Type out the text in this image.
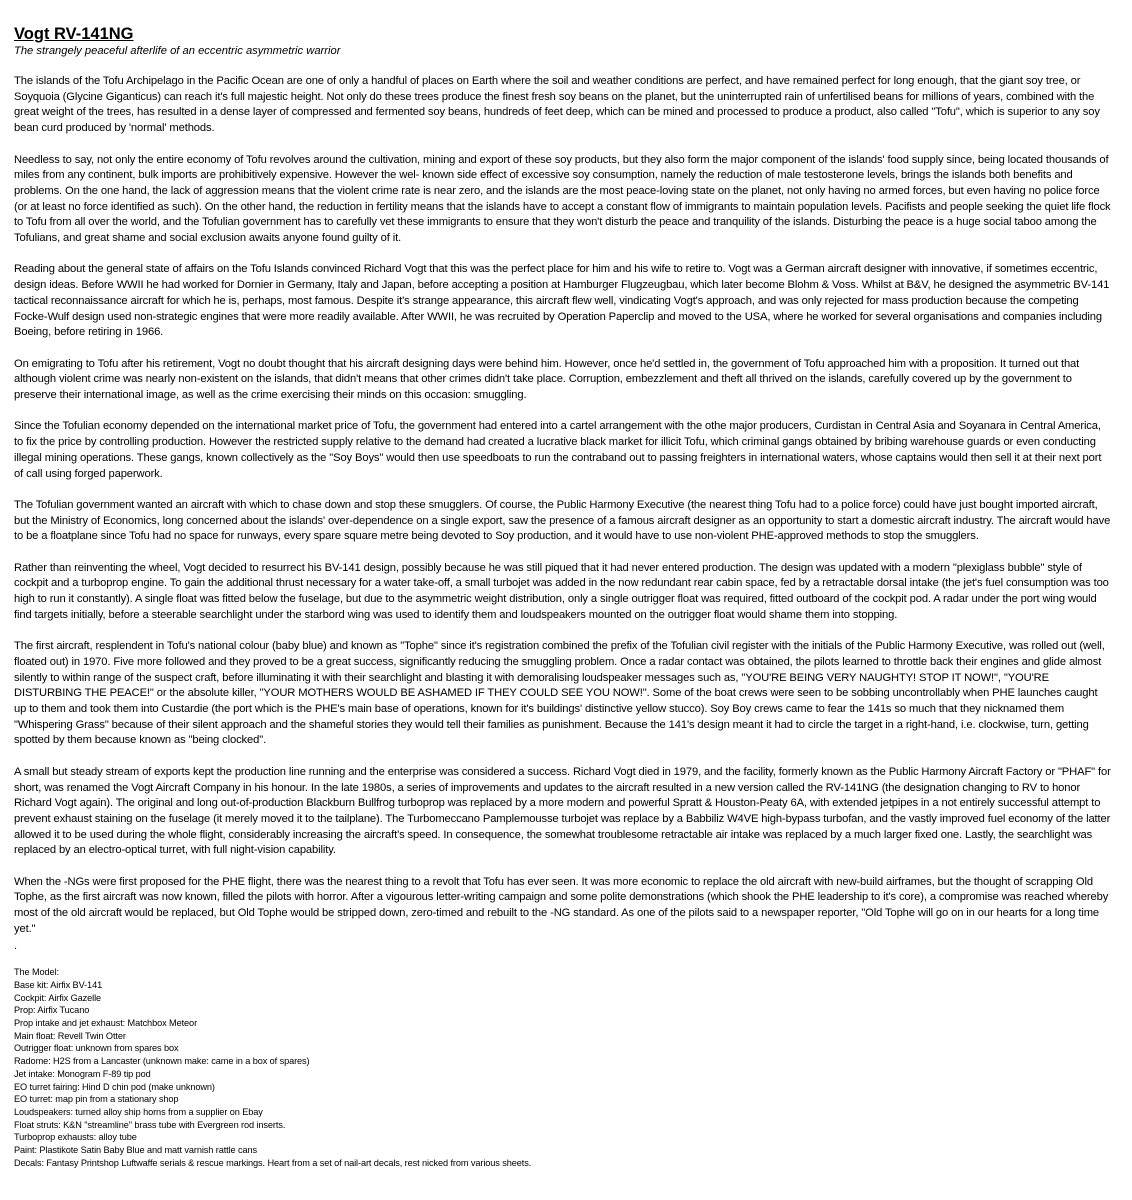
Vogt RV-141NG

The strangely peaceful afterlife of an eccentric asymmetric warrior

The islands of the Tofu Archipelago in the Pacific Ocean are one of only a handful of places on Earth where the soil and weather conditions are perfect, and have remained perfect for long enough, that the giant soy tree, or Soyquoia (Glycine Giganticus) can reach it's full majestic height. Not only do these trees produce the finest fresh soy beans on the planet, but the uninterrupted rain of unfertilised beans for millions of years, combined with the great weight of the trees, has resulted in a dense layer of compressed and fermented soy beans, hundreds of feet deep, which can be mined and processed to produce a product, also called "Tofu", which is superior to any soy bean curd produced by 'normal' methods.

Needless to say, not only the entire economy of Tofu revolves around the cultivation, mining and export of these soy products, but they also form the major component of the islands' food supply since, being located thousands of miles from any continent, bulk imports are prohibitively expensive. However the wel- known side effect of excessive soy consumption, namely the reduction of male testosterone levels, brings the islands both benefits and problems. On the one hand, the lack of aggression means that the violent crime rate is near zero, and the islands are the most peace-loving state on the planet, not only having no armed forces, but even having no police force (or at least no force identified as such). On the other hand, the reduction in fertility means that the islands have to accept a constant flow of immigrants to maintain population levels. Pacifists and people seeking the quiet life flock to Tofu from all over the world, and the Tofulian government has to carefully vet these immigrants to ensure that they won't disturb the peace and tranquility of the islands. Disturbing the peace is a huge social taboo among the Tofulians, and great shame and social exclusion awaits anyone found guilty of it.

Reading about the general state of affairs on the Tofu Islands convinced Richard Vogt that this was the perfect place for him and his wife to retire to. Vogt was a German aircraft designer with innovative, if sometimes eccentric, design ideas. Before WWII he had worked for Dornier in Germany, Italy and Japan, before accepting a position at Hamburger Flugzeugbau, which later become Blohm & Voss. Whilst at B&V, he designed the asymmetric BV-141 tactical reconnaissance aircraft for which he is, perhaps, most famous. Despite it's strange appearance, this aircraft flew well, vindicating Vogt's approach, and was only rejected for mass production because the competing Focke-Wulf design used non-strategic engines that were more readily available. After WWII, he was recruited by Operation Paperclip and moved to the USA, where he worked for several organisations and companies including Boeing, before retiring in 1966.

On emigrating to Tofu after his retirement, Vogt no doubt thought that his aircraft designing days were behind him. However, once he'd settled in, the government of Tofu approached him with a proposition. It turned out that although violent crime was nearly non-existent on the islands, that didn't means that other crimes didn't take place. Corruption, embezzlement and theft all thrived on the islands, carefully covered up by the government to preserve their international image, as well as the crime exercising their minds on this occasion: smuggling.

Since the Tofulian economy depended on the international market price of Tofu, the government had entered into a cartel arrangement with the othe major producers, Curdistan in Central Asia and Soyanara in Central America, to fix the price by controlling production. However the restricted supply relative to the demand had created a lucrative black market for illicit Tofu, which criminal gangs obtained by bribing warehouse guards or even conducting illegal mining operations. These gangs, known collectively as the "Soy Boys" would then use speedboats to run the contraband out to passing freighters in international waters, whose captains would then sell it at their next port of call using forged paperwork.

The Tofulian government wanted an aircraft with which to chase down and stop these smugglers. Of course, the Public Harmony Executive (the nearest thing Tofu had to a police force) could have just bought imported aircraft, but the Ministry of Economics, long concerned about the islands' over-dependence on a single export, saw the presence of a famous aircraft designer as an opportunity to start a domestic aircraft industry. The aircraft would have to be a floatplane since Tofu had no space for runways, every spare square metre being devoted to Soy production, and it would have to use non-violent PHE-approved methods to stop the smugglers.

Rather than reinventing the wheel, Vogt decided to resurrect his BV-141 design, possibly because he was still piqued that it had never entered production. The design was updated with a modern "plexiglass bubble" style of cockpit and a turboprop engine. To gain the additional thrust necessary for a water take-off, a small turbojet was added in the now redundant rear cabin space, fed by a retractable dorsal intake (the jet's fuel consumption was too high to run it constantly). A single float was fitted below the fuselage, but due to the asymmetric weight distribution, only a single outrigger float was required, fitted outboard of the cockpit pod. A radar under the port wing would find targets initially, before a steerable searchlight under the starbord wing was used to identify them and loudspeakers mounted on the outrigger float would shame them into stopping.

The first aircraft, resplendent in Tofu's national colour (baby blue) and known as "Tophe" since it's registration combined the prefix of the Tofulian civil register with the initials of the Public Harmony Executive, was rolled out (well, floated out) in 1970. Five more followed and they proved to be a great success, significantly reducing the smuggling problem. Once a radar contact was obtained, the pilots learned to throttle back their engines and glide almost silently to within range of the suspect craft, before illuminating it with their searchlight and blasting it with demoralising loudspeaker messages such as, "YOU'RE BEING VERY NAUGHTY! STOP IT NOW!", "YOU'RE DISTURBING THE PEACE!" or the absolute killer, "YOUR MOTHERS WOULD BE ASHAMED IF THEY COULD SEE YOU NOW!". Some of the boat crews were seen to be sobbing uncontrollably when PHE launches caught up to them and took them into Custardie (the port which is the PHE's main base of operations, known for it's buildings' distinctive yellow stucco). Soy Boy crews came to fear the 141s so much that they nicknamed them "Whispering Grass" because of their silent approach and the shameful stories they would tell their families as punishment. Because the 141's design meant it had to circle the target in a right-hand, i.e. clockwise, turn, getting spotted by them because known as "being clocked".

A small but steady stream of exports kept the production line running and the enterprise was considered a success. Richard Vogt died in 1979, and the facility, formerly known as the Public Harmony Aircraft Factory or "PHAF" for short, was renamed the Vogt Aircraft Company in his honour. In the late 1980s, a series of improvements and updates to the aircraft resulted in a new version called the RV-141NG (the designation changing to RV to honor Richard Vogt again). The original and long out-of-production Blackburn Bullfrog turboprop was replaced by a more modern and powerful Spratt & Houston-Peaty 6A, with extended jetpipes in a not entirely successful attempt to prevent exhaust staining on the fuselage (it merely moved it to the tailplane). The Turbomeccano Pamplemousse turbojet was replace by a Babbiliz W4VE high-bypass turbofan, and the vastly improved fuel economy of the latter allowed it to be used during the whole flight, considerably increasing the aircraft's speed. In consequence, the somewhat troublesome retractable air intake was replaced by a much larger fixed one. Lastly, the searchlight was replaced by an electro-optical turret, with full night-vision capability.

When the -NGs were first proposed for the PHE flight, there was the nearest thing to a revolt that Tofu has ever seen. It was more economic to replace the old aircraft with new-build airframes, but the thought of scrapping Old Tophe, as the first aircraft was now known, filled the pilots with horror. After a vigourous letter-writing campaign and some polite demonstrations (which shook the PHE leadership to it's core), a compromise was reached whereby most of the old aircraft would be replaced, but Old Tophe would be stripped down, zero-timed and rebuilt to the -NG standard. As one of the pilots said to a newspaper reporter, "Old Tophe will go on in our hearts for a long time yet."

.
The Model:
Base kit: Airfix BV-141
Cockpit: Airfix Gazelle
Prop: Airfix Tucano
Prop intake and jet exhaust: Matchbox Meteor
Main float: Revell Twin Otter
Outrigger float: unknown from spares box
Radome: H2S from a Lancaster (unknown make: came in a box of spares)
Jet intake: Monogram F-89 tip pod
EO turret fairing: Hind D chin pod (make unknown)
EO turret: map pin from a stationary shop
Loudspeakers: turned alloy ship horns from a supplier on Ebay
Float struts: K&N "streamline" brass tube with Evergreen rod inserts.
Turboprop exhausts: alloy tube
Paint: Plastikote Satin Baby Blue and matt varnish rattle cans
Decals: Fantasy Printshop Luftwaffe serials & rescue markings. Heart from a set of nail-art decals, rest nicked from various sheets.
